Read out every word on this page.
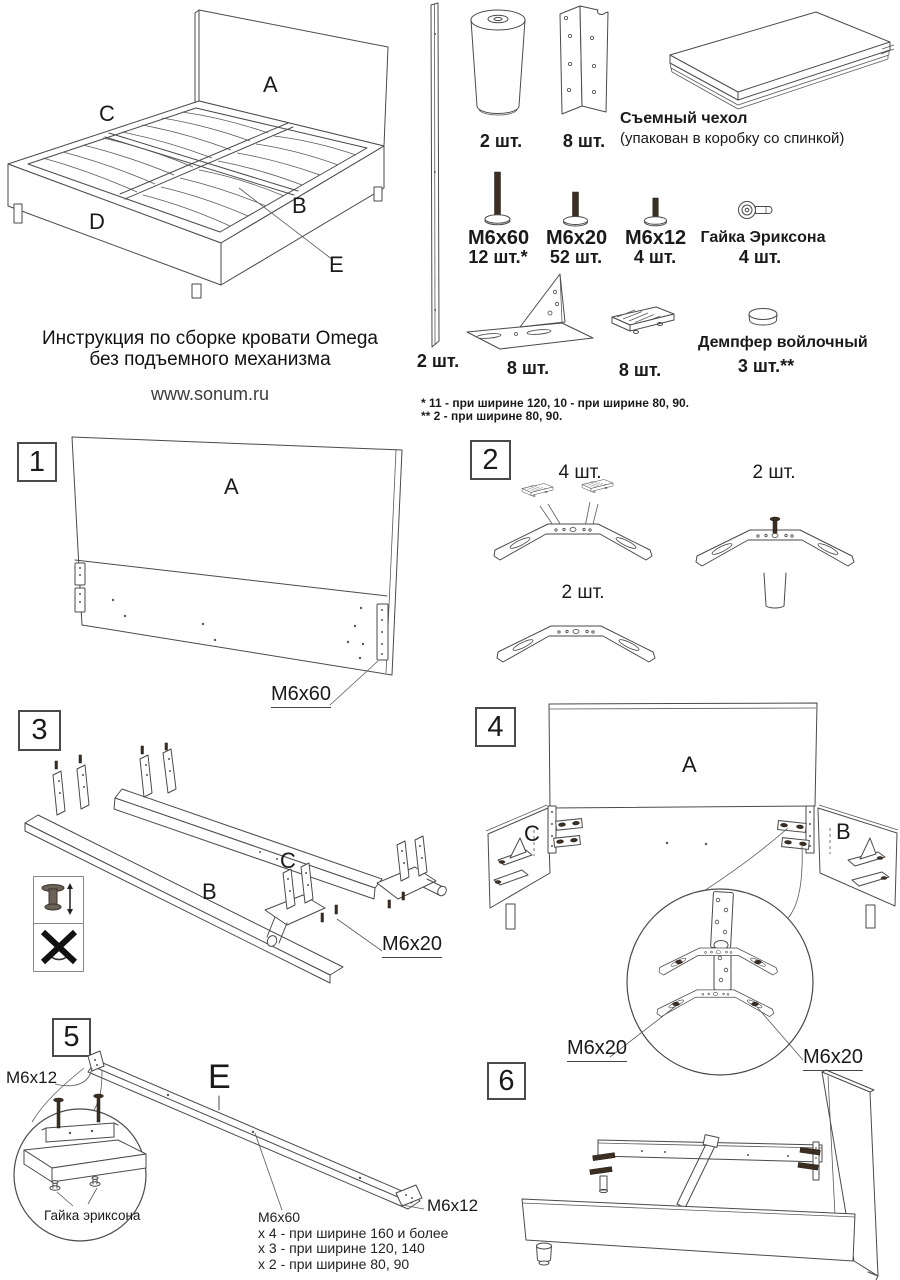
A
C
B
D
E
Инструкция по сборке кровати Omega
без подъемного механизма
www.sonum.ru
2 шт.
2 шт.	8 шт.
Съемный чехол
(упакован в коробку со спинкой)
М6х60
12 шт.*
М6х20
52 шт.
М6х12
4 шт.
Гайка Эриксона
4 шт.
8 шт.	8 шт.
Демпфер войлочный
3 шт.**
* 11 - при ширине 120, 10 - при ширине 80, 90.
** 2 - при ширине 80, 90.
1
A
M6x60
2	4 шт.	2 шт.
2 шт.
3
C
B
M6x20
4
A
C	B
M6x20	M6x20
5
M6x12	E
Гайка эриксона
M6x12
М6х60
х 4 - при ширине 160 и более
х 3 - при ширине 120, 140
х 2 - при ширине 80, 90
6
